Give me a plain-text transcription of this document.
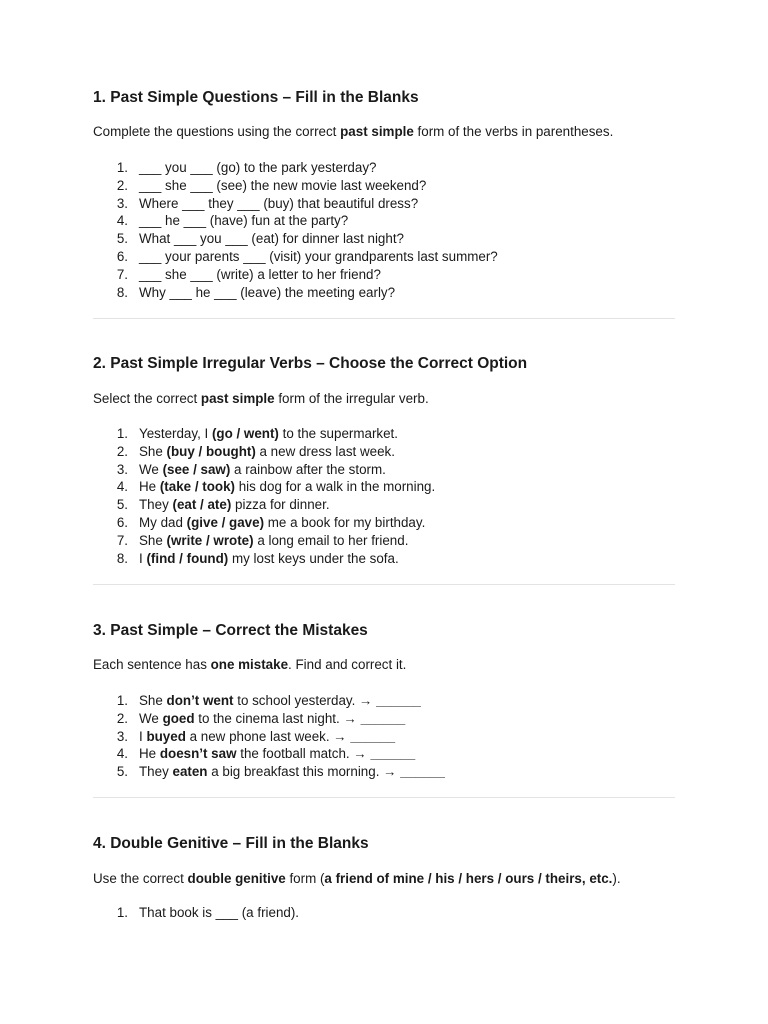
1. Past Simple Questions – Fill in the Blanks

Complete the questions using the correct past simple form of the verbs in parentheses.

1. ___ you ___ (go) to the park yesterday?
2. ___ she ___ (see) the new movie last weekend?
3. Where ___ they ___ (buy) that beautiful dress?
4. ___ he ___ (have) fun at the party?
5. What ___ you ___ (eat) for dinner last night?
6. ___ your parents ___ (visit) your grandparents last summer?
7. ___ she ___ (write) a letter to her friend?
8. Why ___ he ___ (leave) the meeting early?
2. Past Simple Irregular Verbs – Choose the Correct Option

Select the correct past simple form of the irregular verb.

1. Yesterday, I (go / went) to the supermarket.
2. She (buy / bought) a new dress last week.
3. We (see / saw) a rainbow after the storm.
4. He (take / took) his dog for a walk in the morning.
5. They (eat / ate) pizza for dinner.
6. My dad (give / gave) me a book for my birthday.
7. She (write / wrote) a long email to her friend.
8. I (find / found) my lost keys under the sofa.
3. Past Simple – Correct the Mistakes

Each sentence has one mistake. Find and correct it.

1. She don’t went to school yesterday. → ______
2. We goed to the cinema last night. → ______
3. I buyed a new phone last week. → ______
4. He doesn’t saw the football match. → ______
5. They eaten a big breakfast this morning. → ______
4. Double Genitive – Fill in the Blanks

Use the correct double genitive form (a friend of mine / his / hers / ours / theirs, etc.).

1. That book is ___ (a friend).
